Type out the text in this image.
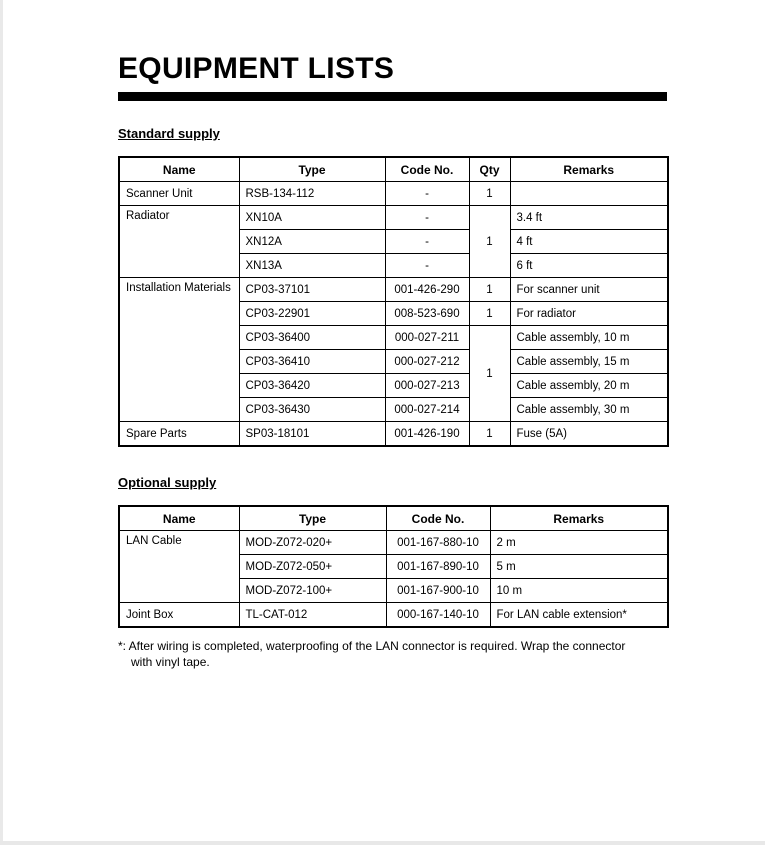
EQUIPMENT LISTS
Standard supply
Name	Type	Code No.	Qty	Remarks
Scanner Unit	RSB-134-112	-	1	
Radiator	XN10A	-	1	3.4 ft
	XN12A	-		4 ft
	XN13A	-		6 ft
Installation Materials	CP03-37101	001-426-290	1	For scanner unit
	CP03-22901	008-523-690	1	For radiator
	CP03-36400	000-027-211	1	Cable assembly, 10 m
	CP03-36410	000-027-212		Cable assembly, 15 m
	CP03-36420	000-027-213		Cable assembly, 20 m
	CP03-36430	000-027-214		Cable assembly, 30 m
Spare Parts	SP03-18101	001-426-190	1	Fuse (5A)
Optional supply
Name	Type	Code No.	Remarks
LAN Cable	MOD-Z072-020+	001-167-880-10	2 m
	MOD-Z072-050+	001-167-890-10	5 m
	MOD-Z072-100+	001-167-900-10	10 m
Joint Box	TL-CAT-012	000-167-140-10	For LAN cable extension*
*: After wiring is completed, waterproofing of the LAN connector is required. Wrap the connector
with vinyl tape.
